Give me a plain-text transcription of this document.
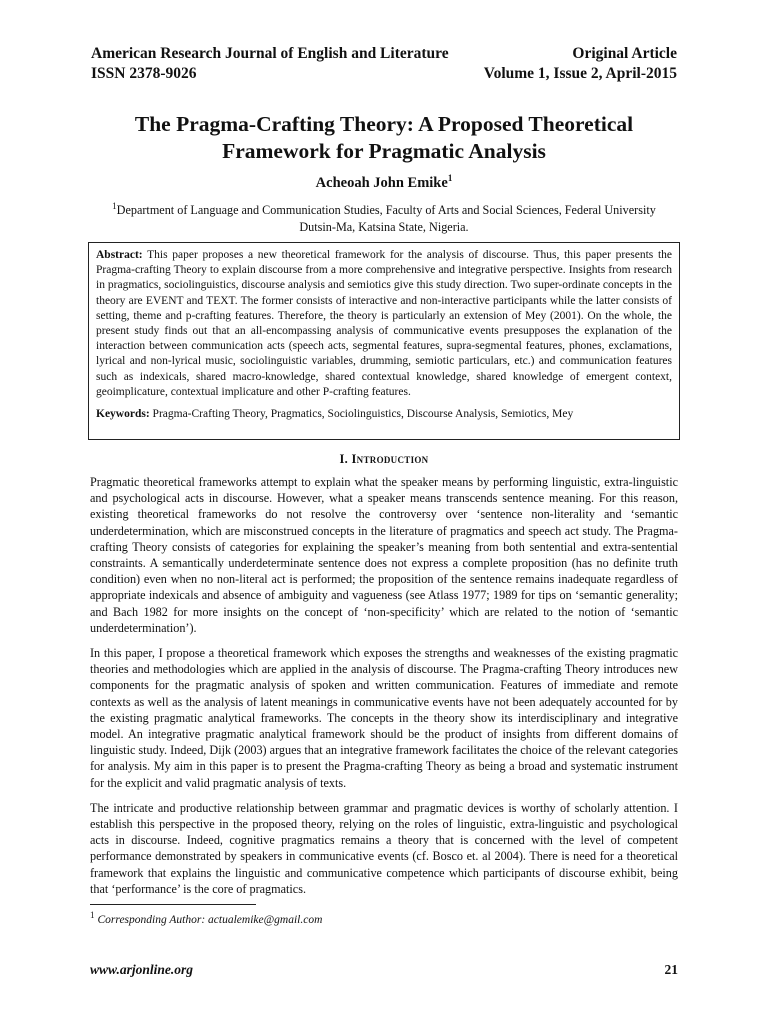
American Research Journal of English and Literature	Original Article
ISSN 2378-9026	Volume 1, Issue 2, April-2015
The Pragma-Crafting Theory: A Proposed Theoretical
Framework for Pragmatic Analysis
Acheoah John Emike$^1$
$^1$Department of Language and Communication Studies, Faculty of Arts and Social Sciences, Federal University Dutsin-Ma, Katsina State, Nigeria.
Abstract: This paper proposes a new theoretical framework for the analysis of discourse. Thus, this paper presents the Pragma-crafting Theory to explain discourse from a more comprehensive and integrative perspective. Insights from research in pragmatics, sociolinguistics, discourse analysis and semiotics give this study direction. Two super-ordinate concepts in the theory are EVENT and TEXT. The former consists of interactive and non-interactive participants while the latter consists of setting, theme and p-crafting features. Therefore, the theory is particularly an extension of Mey (2001). On the whole, the present study finds out that an all-encompassing analysis of communicative events presupposes the explanation of the interaction between communication acts (speech acts, segmental features, supra-segmental features, phones, exclamations, lyrical and non-lyrical music, sociolinguistic variables, drumming, semiotic particulars, etc.) and communication features such as indexicals, shared macro-knowledge, shared contextual knowledge, shared knowledge of emergent context, geoimplicature, contextual implicature and other P-crafting features.
Keywords: Pragma-Crafting Theory, Pragmatics, Sociolinguistics, Discourse Analysis, Semiotics, Mey
I. Introduction

Pragmatic theoretical frameworks attempt to explain what the speaker means by performing linguistic, extra-linguistic and psychological acts in discourse. However, what a speaker means transcends sentence meaning. For this reason, existing theoretical frameworks do not resolve the controversy over ‘sentence non-literality and ‘semantic underdetermination, which are misconstrued concepts in the literature of pragmatics and speech act study. The Pragma-crafting Theory consists of categories for explaining the speaker’s meaning from both sentential and extra-sentential constraints. A semantically underdeterminate sentence does not express a complete proposition (has no definite truth condition) even when no non-literal act is performed; the proposition of the sentence remains inadequate regardless of appropriate indexicals and absence of ambiguity and vagueness (see Atlass 1977; 1989 for tips on ‘semantic generality; and Bach 1982 for more insights on the concept of ‘non-specificity’ which are related to the notion of ‘semantic underdetermination’).

In this paper, I propose a theoretical framework which exposes the strengths and weaknesses of the existing pragmatic theories and methodologies which are applied in the analysis of discourse. The Pragma-crafting Theory introduces new components for the pragmatic analysis of spoken and written communication. Features of immediate and remote contexts as well as the analysis of latent meanings in communicative events have not been adequately accounted for by the existing pragmatic analytical frameworks. The concepts in the theory show its interdisciplinary and integrative model. An integrative pragmatic analytical framework should be the product of insights from different domains of linguistic study. Indeed, Dijk (2003) argues that an integrative framework facilitates the choice of the relevant categories for analysis. My aim in this paper is to present the Pragma-crafting Theory as being a broad and systematic instrument for the explicit and valid pragmatic analysis of texts.

The intricate and productive relationship between grammar and pragmatic devices is worthy of scholarly attention. I establish this perspective in the proposed theory, relying on the roles of linguistic, extra-linguistic and psychological acts in discourse. Indeed, cognitive pragmatics remains a theory that is concerned with the level of competent performance demonstrated by speakers in communicative events (cf. Bosco et. al 2004). There is need for a theoretical framework that explains the linguistic and communicative competence which participants of discourse exhibit, being that ‘performance’ is the core of pragmatics.

$^1$ Corresponding Author: actualemike@gmail.com
www.arjonline.org	21
